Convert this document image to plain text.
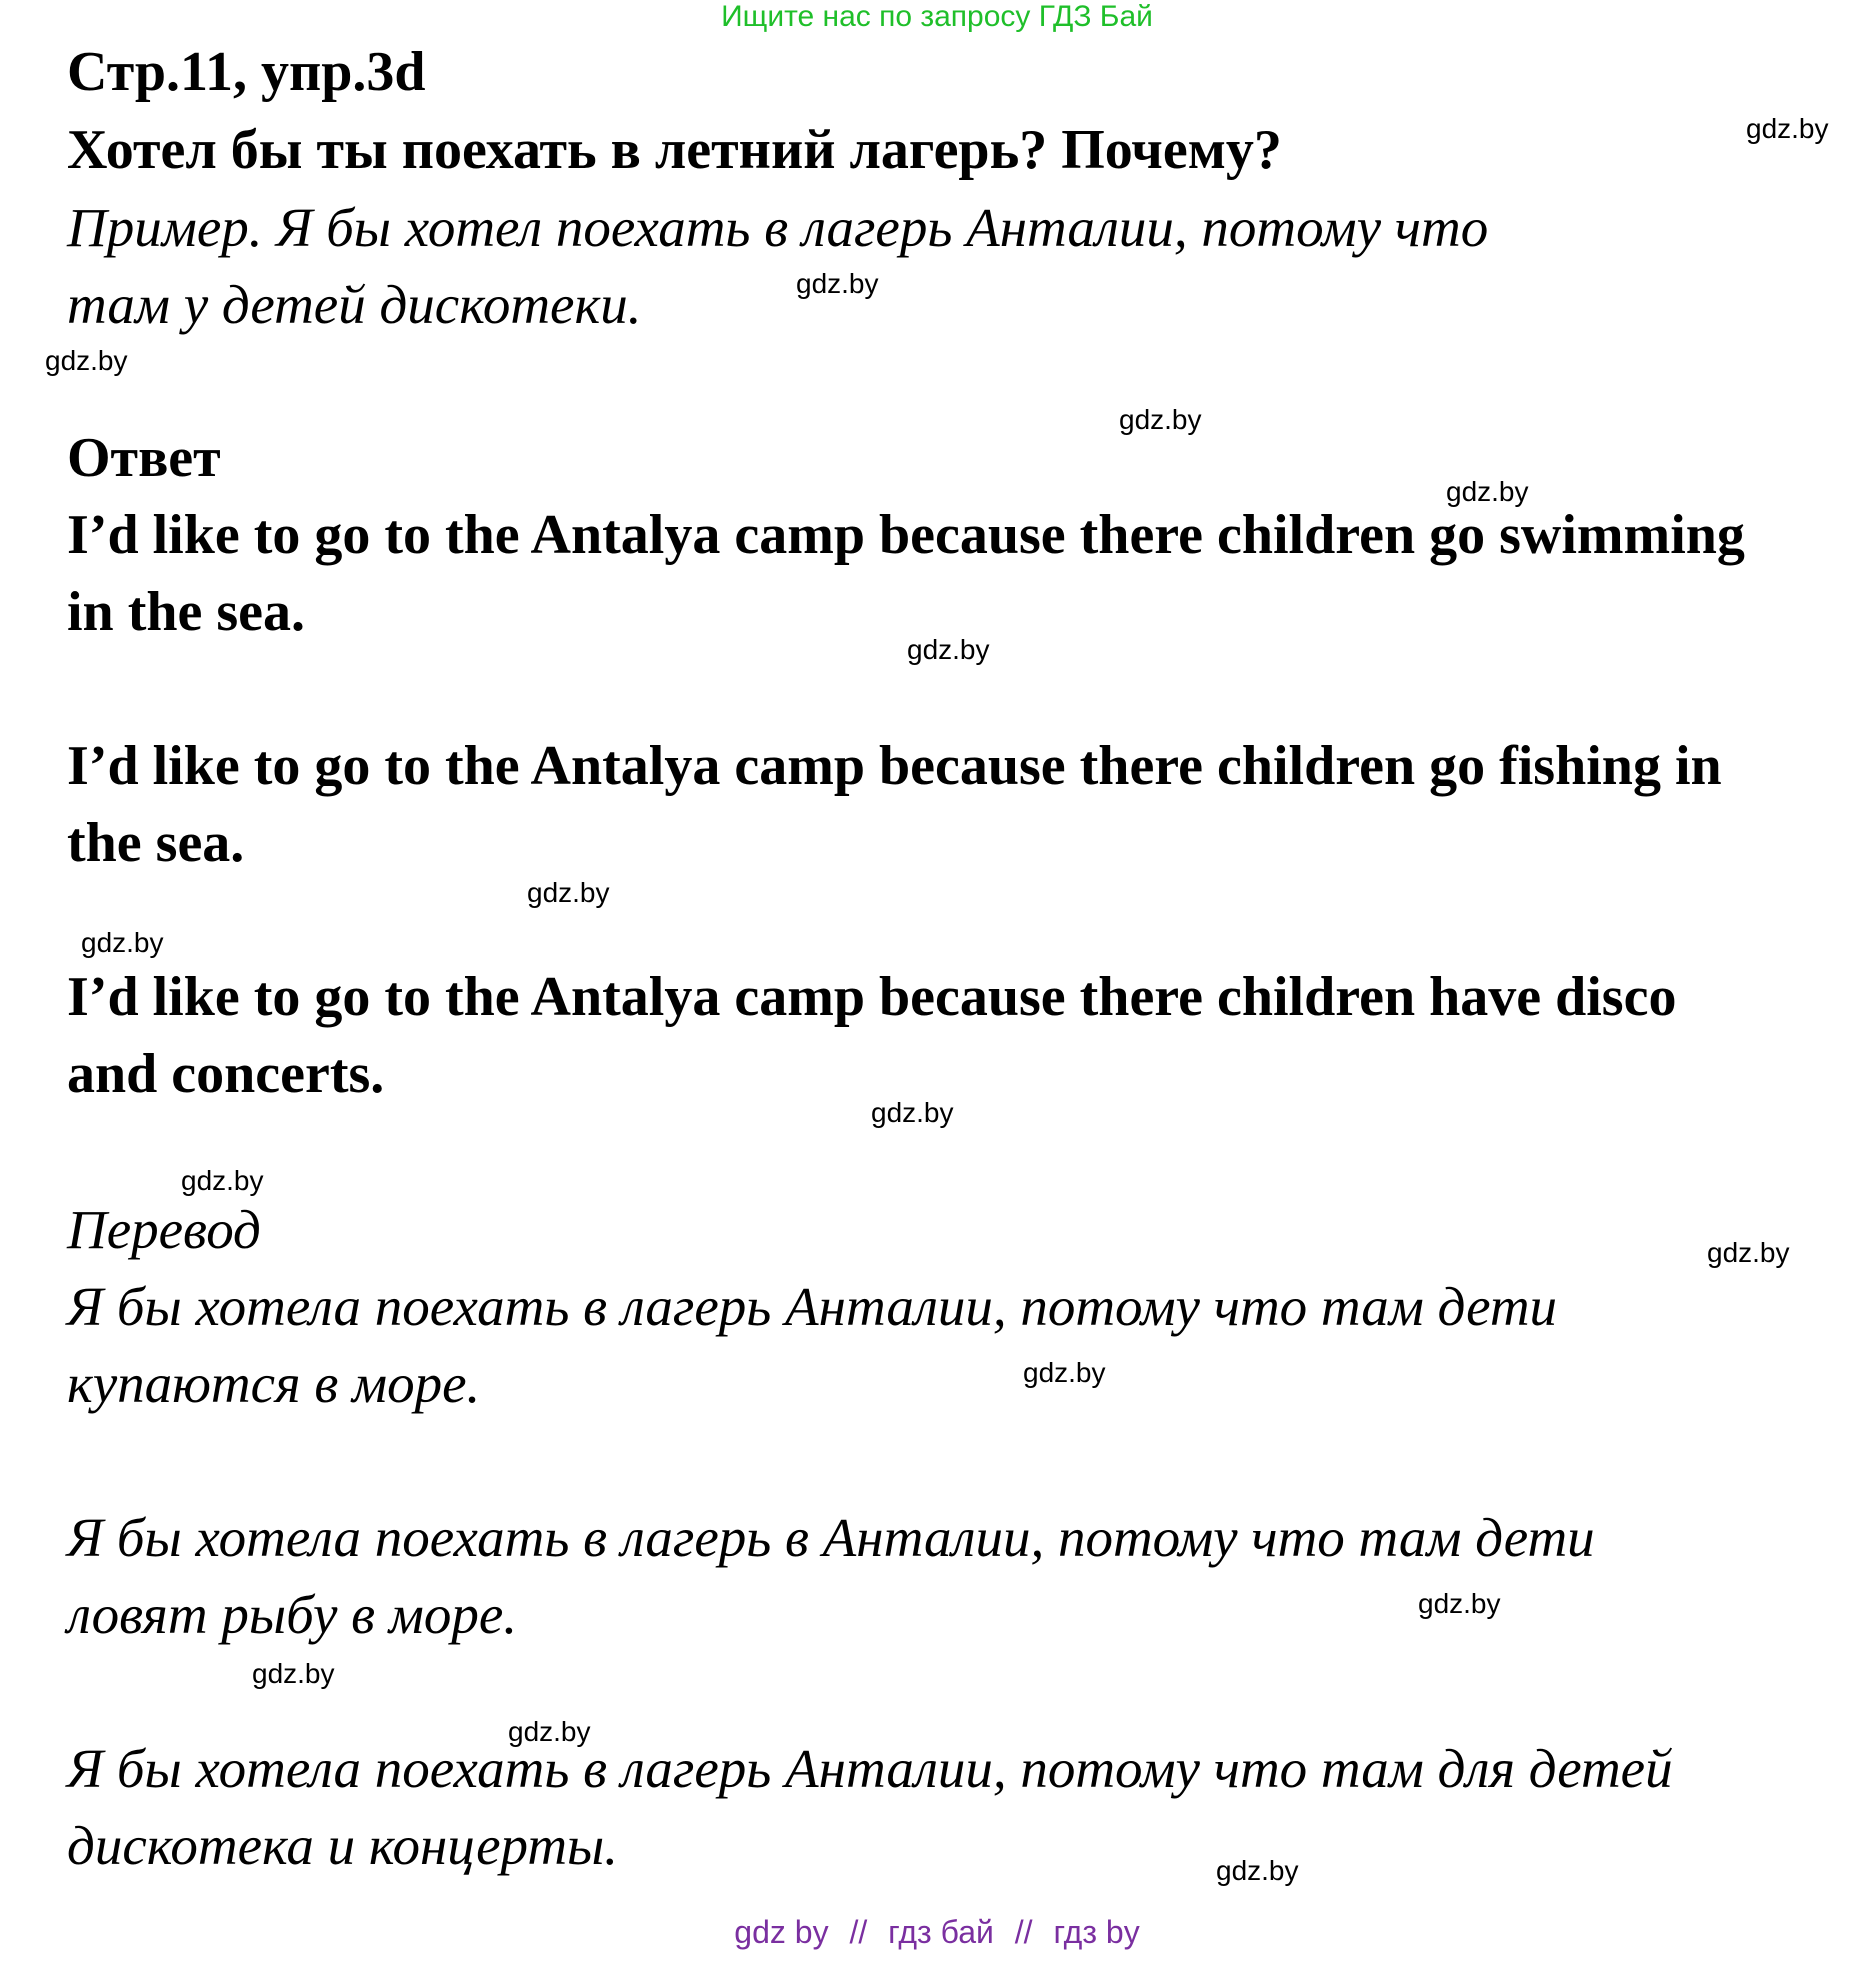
Ищите нас по запросу ГДЗ Бай
Стр.11, упр.3d
Хотел бы ты поехать в летний лагерь? Почему?
Пример. Я бы хотел поехать в лагерь Анталии, потому что
там у детей дискотеки.
Ответ
I’d like to go to the Antalya camp because there children go swimming
in the sea.
I’d like to go to the Antalya camp because there children go fishing in
the sea.
I’d like to go to the Antalya camp because there children have disco
and concerts.
Перевод
Я бы хотела поехать в лагерь Анталии, потому что там дети
купаются в море.
Я бы хотела поехать в лагерь в Анталии, потому что там дети
ловят рыбу в море.
Я бы хотела поехать в лагерь Анталии, потому что там для детей
дискотека и концерты.
gdz.by
gdz.by
gdz.by
gdz.by
gdz.by
gdz.by
gdz.by
gdz.by
gdz.by
gdz.by
gdz.by
gdz.by
gdz.by
gdz.by
gdz.by
gdz.by
gdz by // гдз бай // гдз by
